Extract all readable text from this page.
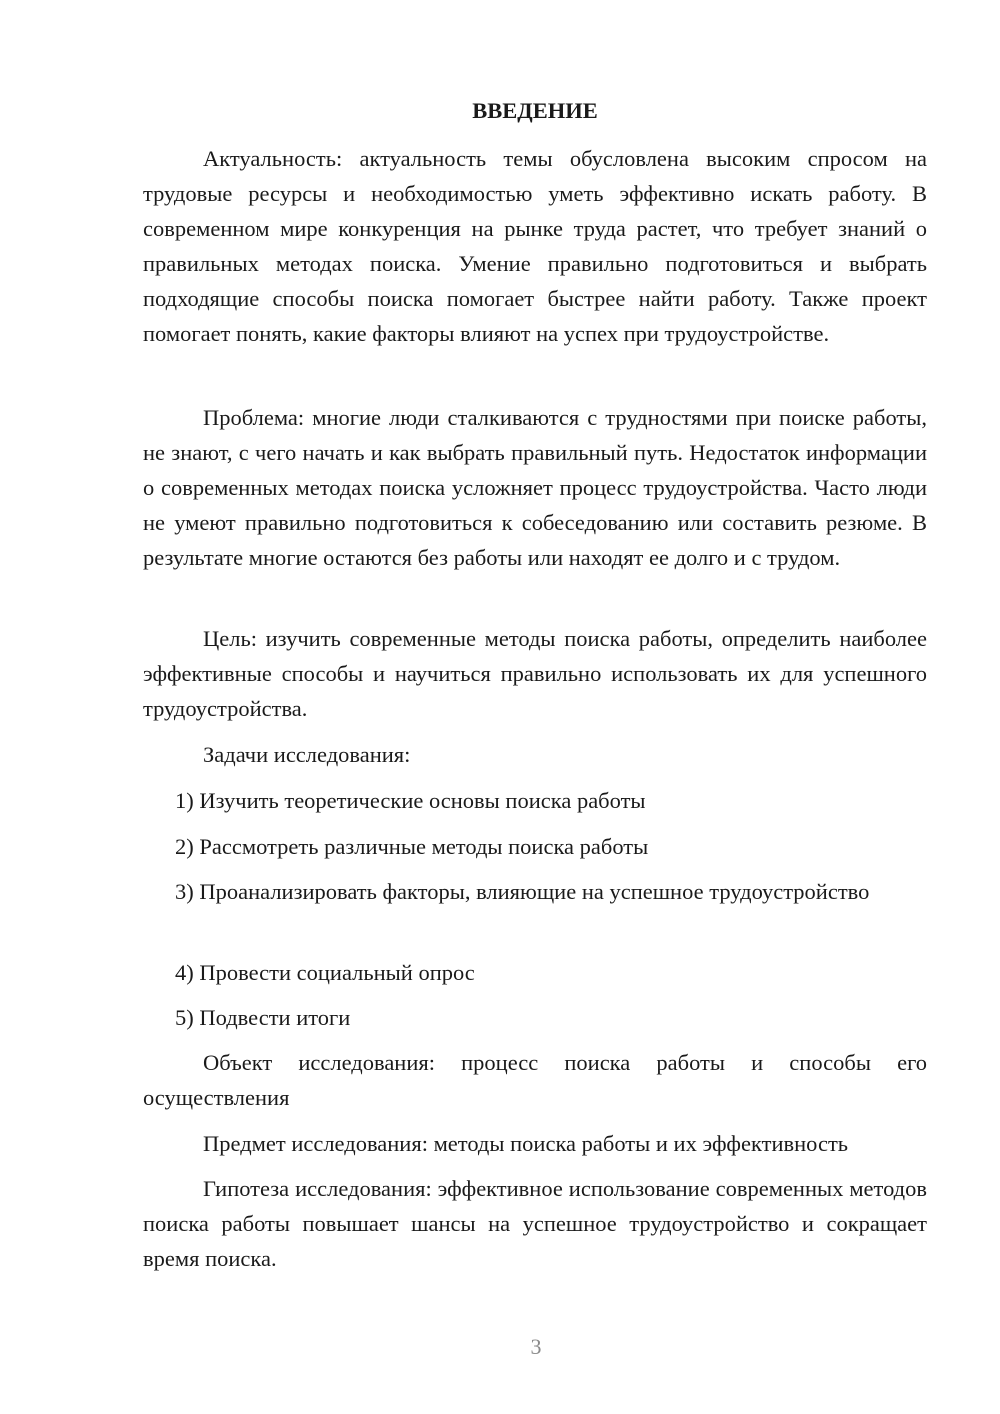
ВВЕДЕНИЕ

Актуальность: актуальность темы обусловлена высоким спросом на трудовые ресурсы и необходимостью уметь эффективно искать работу. В современном мире конкуренция на рынке труда растет, что требует знаний о правильных методах поиска. Умение правильно подготовиться и выбрать подходящие способы поиска помогает быстрее найти работу. Также проект помогает понять, какие факторы влияют на успех при трудоустройстве.

Проблема: многие люди сталкиваются с трудностями при поиске работы, не знают, с чего начать и как выбрать правильный путь. Недостаток информации о современных методах поиска усложняет процесс трудоустройства. Часто люди не умеют правильно подготовиться к собеседованию или составить резюме. В результате многие остаются без работы или находят ее долго и с трудом.

Цель: изучить современные методы поиска работы, определить наиболее эффективные способы и научиться правильно использовать их для успешного трудоустройства.

Задачи исследования:

1) Изучить теоретические основы поиска работы

2) Рассмотреть различные методы поиска работы

3) Проанализировать факторы, влияющие на успешное трудоустройство

4) Провести социальный опрос

5) Подвести итоги

Объект исследования: процесс поиска работы и способы его осуществления

Предмет исследования: методы поиска работы и их эффективность

Гипотеза исследования: эффективное использование современных методов поиска работы повышает шансы на успешное трудоустройство и сокращает время поиска.

3
